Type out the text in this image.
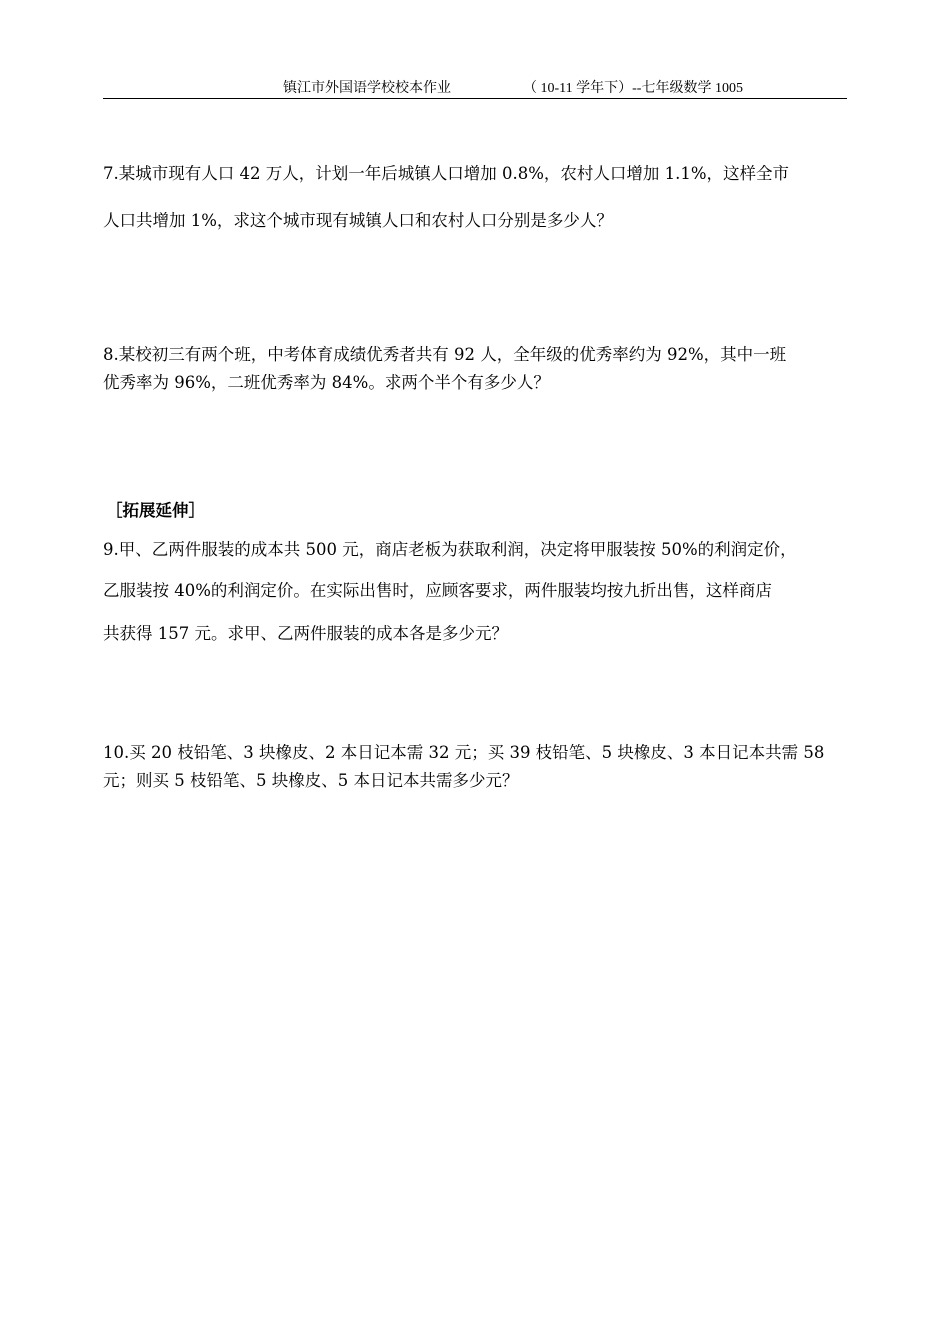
镇江市外国语学校校本作业	（ 10-11 学年下）--七年级数学 1005
7.某城市现有人口 42 万人，计划一年后城镇人口增加 0.8%，农村人口增加 1.1%，这样全市
人口共增加 1%，求这个城市现有城镇人口和农村人口分别是多少人？
8.某校初三有两个班，中考体育成绩优秀者共有 92 人，全年级的优秀率约为 92%，其中一班
优秀率为 96%，二班优秀率为 84%。求两个半个有多少人？
［拓展延伸］
9.甲、乙两件服装的成本共 500 元，商店老板为获取利润，决定将甲服装按 50%的利润定价，
乙服装按 40%的利润定价。在实际出售时，应顾客要求，两件服装均按九折出售，这样商店
共获得 157 元。求甲、乙两件服装的成本各是多少元？
10.买 20 枝铅笔、3 块橡皮、2 本日记本需 32 元；买 39 枝铅笔、5 块橡皮、3 本日记本共需 58
元；则买 5 枝铅笔、5 块橡皮、5 本日记本共需多少元？
